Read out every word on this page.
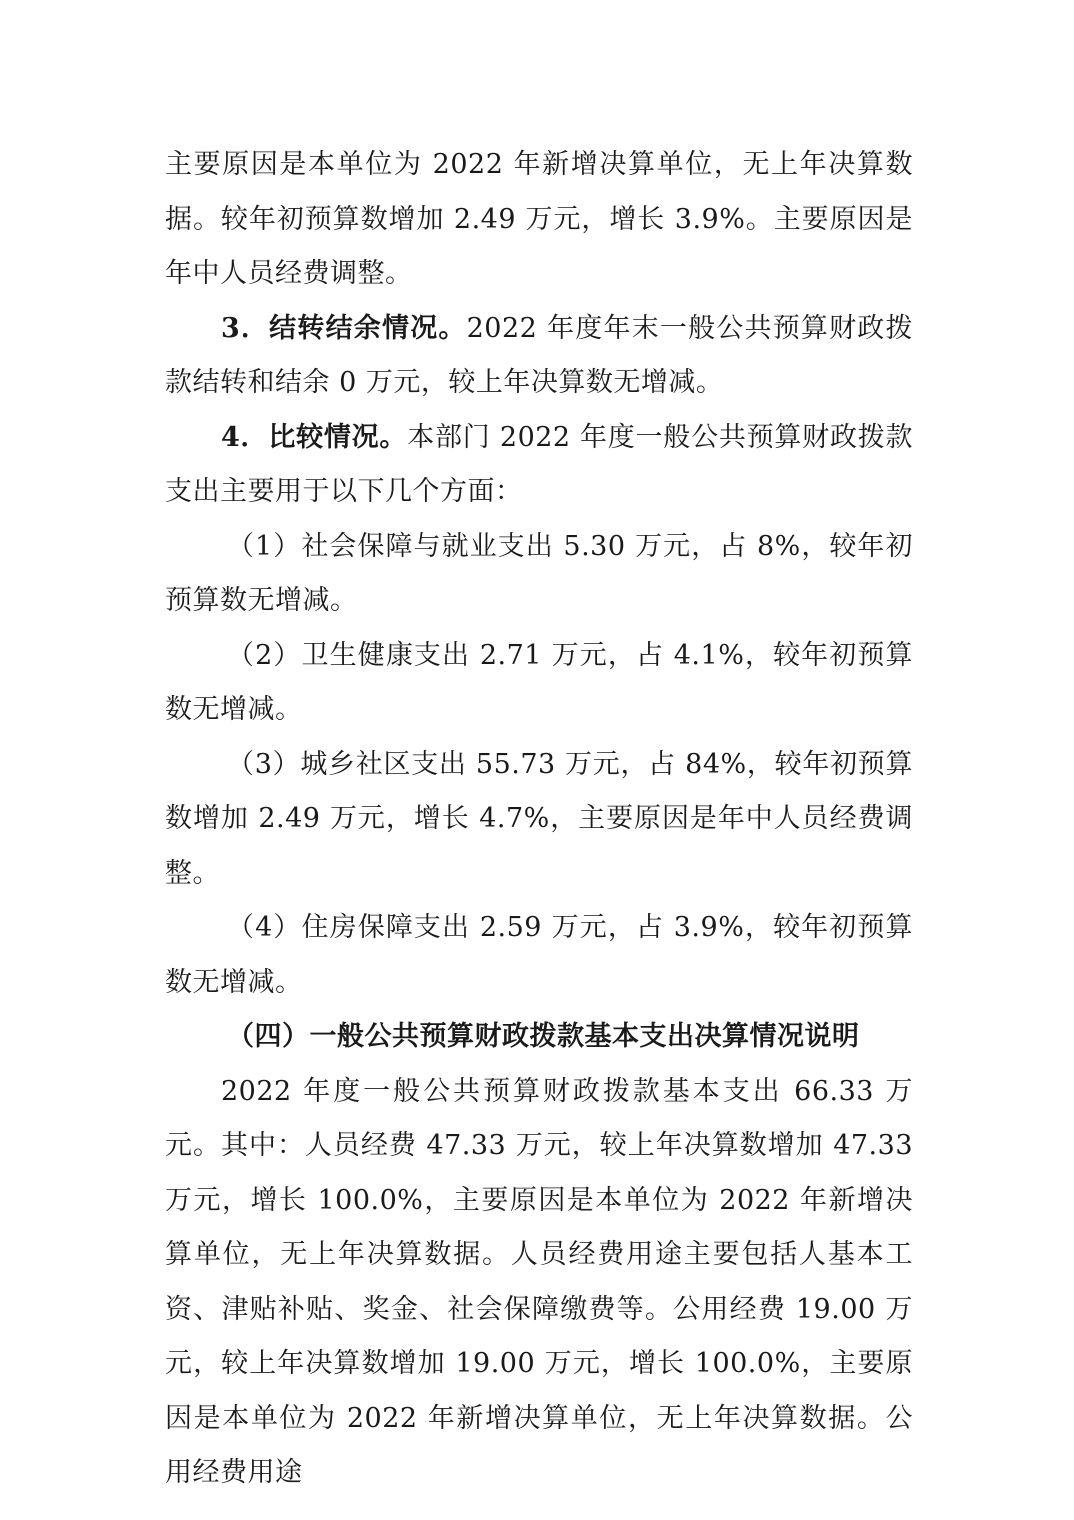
主要原因是本单位为 2022 年新增决算单位，无上年决算数据。较年初预算数增加 2.49 万元，增长 3.9%。主要原因是年中人员经费调整。

3．结转结余情况。2022 年度年末一般公共预算财政拨款结转和结余 0 万元，较上年决算数无增减。

4．比较情况。本部门 2022 年度一般公共预算财政拨款支出主要用于以下几个方面：

（1）社会保障与就业支出 5.30 万元，占 8%，较年初预算数无增减。

（2）卫生健康支出 2.71 万元，占 4.1%，较年初预算数无增减。

（3）城乡社区支出 55.73 万元，占 84%，较年初预算数增加 2.49 万元，增长 4.7%，主要原因是年中人员经费调整。

（4）住房保障支出 2.59 万元，占 3.9%，较年初预算数无增减。

（四）一般公共预算财政拨款基本支出决算情况说明

2022 年度一般公共预算财政拨款基本支出 66.33 万元。其中：人员经费 47.33 万元，较上年决算数增加 47.33 万元，增长 100.0%，主要原因是本单位为 2022 年新增决算单位，无上年决算数据。人员经费用途主要包括人基本工资、津贴补贴、奖金、社会保障缴费等。公用经费 19.00 万元，较上年决算数增加 19.00 万元，增长 100.0%，主要原因是本单位为 2022 年新增决算单位，无上年决算数据。公用经费用途
